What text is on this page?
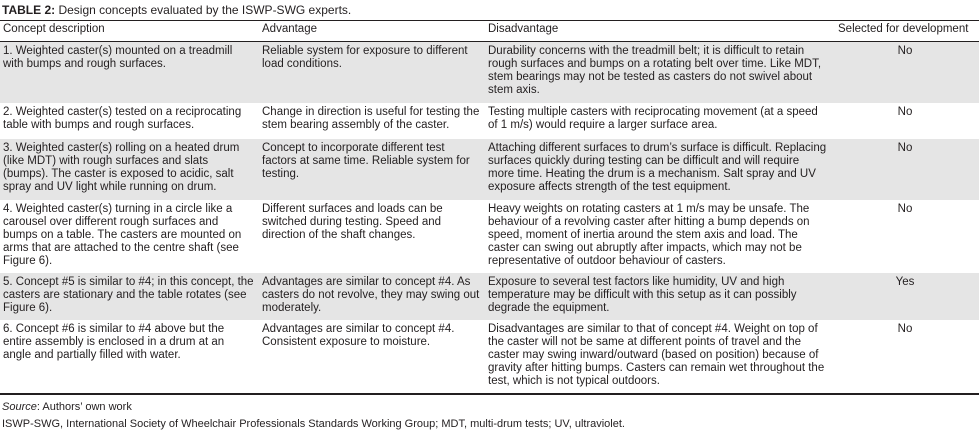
TABLE 2: Design concepts evaluated by the ISWP-SWG experts.
Concept description	Advantage	Disadvantage	Selected for development
1. Weighted caster(s) mounted on a treadmill with bumps and rough surfaces.	Reliable system for exposure to different load conditions.	Durability concerns with the treadmill belt; it is difficult to retain rough surfaces and bumps on a rotating belt over time. Like MDT, stem bearings may not be tested as casters do not swivel about stem axis.	No
2. Weighted caster(s) tested on a reciprocating table with bumps and rough surfaces.	Change in direction is useful for testing the stem bearing assembly of the caster.	Testing multiple casters with reciprocating movement (at a speed of 1 m/s) would require a larger surface area.	No
3. Weighted caster(s) rolling on a heated drum (like MDT) with rough surfaces and slats (bumps). The caster is exposed to acidic, salt spray and UV light while running on drum.	Concept to incorporate different test factors at same time. Reliable system for testing.	Attaching different surfaces to drum’s surface is difficult. Replacing surfaces quickly during testing can be difficult and will require more time. Heating the drum is a mechanism. Salt spray and UV exposure affects strength of the test equipment.	No
4. Weighted caster(s) turning in a circle like a carousel over different rough surfaces and bumps on a table. The casters are mounted on arms that are attached to the centre shaft (see Figure 6).	Different surfaces and loads can be switched during testing. Speed and direction of the shaft changes.	Heavy weights on rotating casters at 1 m/s may be unsafe. The behaviour of a revolving caster after hitting a bump depends on speed, moment of inertia around the stem axis and load. The caster can swing out abruptly after impacts, which may not be representative of outdoor behaviour of casters.	No
5. Concept #5 is similar to #4; in this concept, the casters are stationary and the table rotates (see Figure 6).	Advantages are similar to concept #4. As casters do not revolve, they may swing out moderately.	Exposure to several test factors like humidity, UV and high temperature may be difficult with this setup as it can possibly degrade the equipment.	Yes
6. Concept #6 is similar to #4 above but the entire assembly is enclosed in a drum at an angle and partially filled with water.	Advantages are similar to concept #4. Consistent exposure to moisture.	Disadvantages are similar to that of concept #4. Weight on top of the caster will not be same at different points of travel and the caster may swing inward/outward (based on position) because of gravity after hitting bumps. Casters can remain wet throughout the test, which is not typical outdoors.	No
Source: Authors’ own work
ISWP-SWG, International Society of Wheelchair Professionals Standards Working Group; MDT, multi-drum tests; UV, ultraviolet.
